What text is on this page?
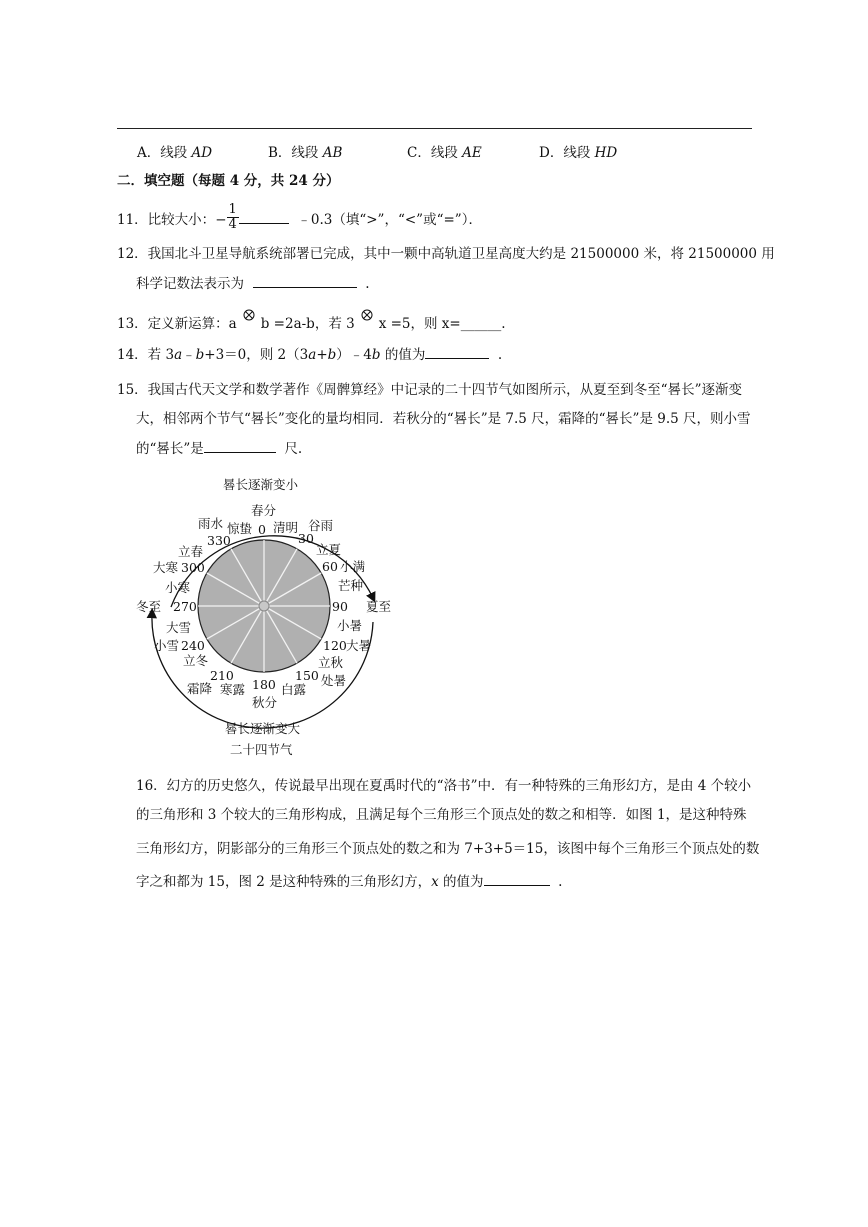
A．线段 AD	B．线段 AB	C．线段 AE	D．线段 HD
二．填空题（每题 4 分，共 24 分）
11．比较大小：− $\frac{1}{4}$	﹣0.3（填“>”，“<”或“=”）．
12．我国北斗卫星导航系统部署已完成，其中一颗中高轨道卫星高度大约是 21500000 米，将 21500000 用
科学记数法表示为	.
13．定义新运算：a b =2a-b，若 3 x =5，则 x=______.
14．若 3a﹣b+3＝0，则 2（3a+b）﹣4b 的值为	.
15．我国古代天文学和数学著作《周髀算经》中记录的二十四节气如图所示，从夏至到冬至“晷长”逐渐变
大，相邻两个节气“晷长”变化的量均相同．若秋分的“晷长”是 7.5 尺，霜降的“晷长”是 9.5 尺，则小雪
的“晷长”是	尺.
晷长逐渐变小
晷长逐渐变大
二十四节气
冬至	夏至
春分
清明 谷雨
立夏
小满
芒种
小暑
大暑
立秋
处暑
白露
秋分
寒露
霜降
立冬
小雪
大雪
小寒
大寒
立春
雨水 惊蛰 0
30
60
90
120
150
180
210
240
270
300
330
16．幻方的历史悠久，传说最早出现在夏禹时代的“洛书”中．有一种特殊的三角形幻方，是由 4 个较小
的三角形和 3 个较大的三角形构成，且满足每个三角形三个顶点处的数之和相等．如图 1，是这种特殊
三角形幻方，阴影部分的三角形三个顶点处的数之和为 7+3+5＝15，该图中每个三角形三个顶点处的数
字之和都为 15，图 2 是这种特殊的三角形幻方，x 的值为	.
